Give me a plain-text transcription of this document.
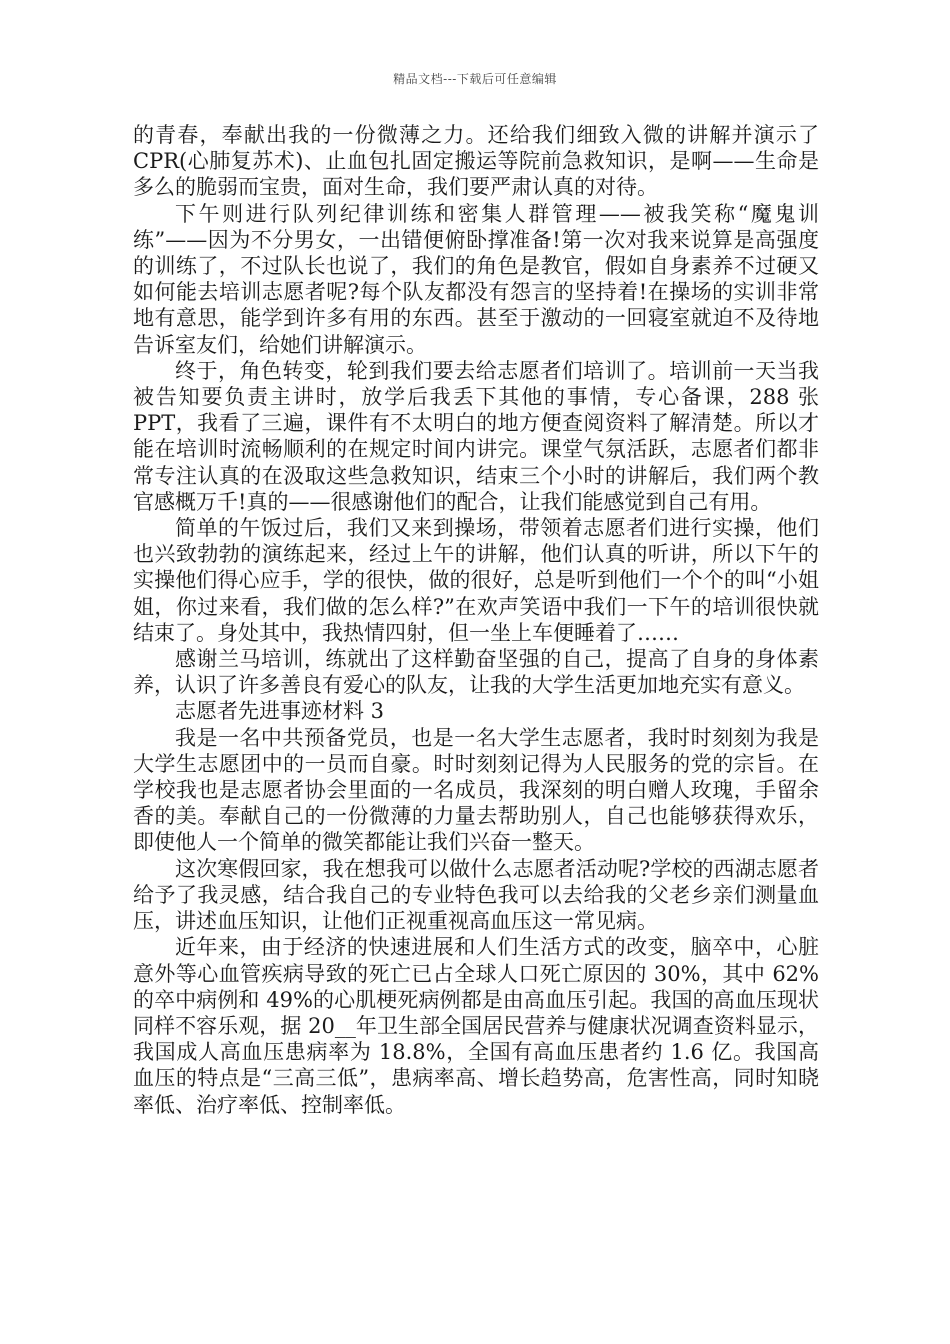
精品文档---下载后可任意编辑

的青春，奉献出我的一份微薄之力。还给我们细致入微的讲解并演示了 CPR(心肺复苏术)、止血包扎固定搬运等院前急救知识，是啊——生命是多么的脆弱而宝贵，面对生命，我们要严肃认真的对待。

下午则进行队列纪律训练和密集人群管理——被我笑称“魔鬼训练”——因为不分男女，一出错便俯卧撑准备!第一次对我来说算是高强度的训练了，不过队长也说了，我们的角色是教官，假如自身素养不过硬又如何能去培训志愿者呢?每个队友都没有怨言的坚持着!在操场的实训非常地有意思，能学到许多有用的东西。甚至于激动的一回寝室就迫不及待地告诉室友们，给她们讲解演示。

终于，角色转变，轮到我们要去给志愿者们培训了。培训前一天当我被告知要负责主讲时，放学后我丢下其他的事情，专心备课，288 张 PPT，我看了三遍，课件有不太明白的地方便查阅资料了解清楚。所以才能在培训时流畅顺利的在规定时间内讲完。课堂气氛活跃，志愿者们都非常专注认真的在汲取这些急救知识，结束三个小时的讲解后，我们两个教官感概万千!真的——很感谢他们的配合，让我们能感觉到自己有用。

简单的午饭过后，我们又来到操场，带领着志愿者们进行实操，他们也兴致勃勃的演练起来，经过上午的讲解，他们认真的听讲，所以下午的实操他们得心应手，学的很快，做的很好，总是听到他们一个个的叫“小姐姐，你过来看，我们做的怎么样?”在欢声笑语中我们一下午的培训很快就结束了。身处其中，我热情四射，但一坐上车便睡着了……

感谢兰马培训，练就出了这样勤奋坚强的自己，提高了自身的身体素养，认识了许多善良有爱心的队友，让我的大学生活更加地充实有意义。

志愿者先进事迹材料 3

我是一名中共预备党员，也是一名大学生志愿者，我时时刻刻为我是大学生志愿团中的一员而自豪。时时刻刻记得为人民服务的党的宗旨。在学校我也是志愿者协会里面的一名成员，我深刻的明白赠人玫瑰，手留余香的美。奉献自己的一份微薄的力量去帮助别人，自己也能够获得欢乐，即使他人一个简单的微笑都能让我们兴奋一整天。

这次寒假回家，我在想我可以做什么志愿者活动呢?学校的西湖志愿者给予了我灵感，结合我自己的专业特色我可以去给我的父老乡亲们测量血压，讲述血压知识，让他们正视重视高血压这一常见病。

近年来，由于经济的快速进展和人们生活方式的改变，脑卒中，心脏意外等心血管疾病导致的死亡已占全球人口死亡原因的 30%，其中 62%的卒中病例和 49%的心肌梗死病例都是由高血压引起。我国的高血压现状同样不容乐观，据 20__年卫生部全国居民营养与健康状况调查资料显示，我国成人高血压患病率为 18.8%，全国有高血压患者约 1.6 亿。我国高血压的特点是“三高三低”，患病率高、增长趋势高，危害性高，同时知晓率低、治疗率低、控制率低。
